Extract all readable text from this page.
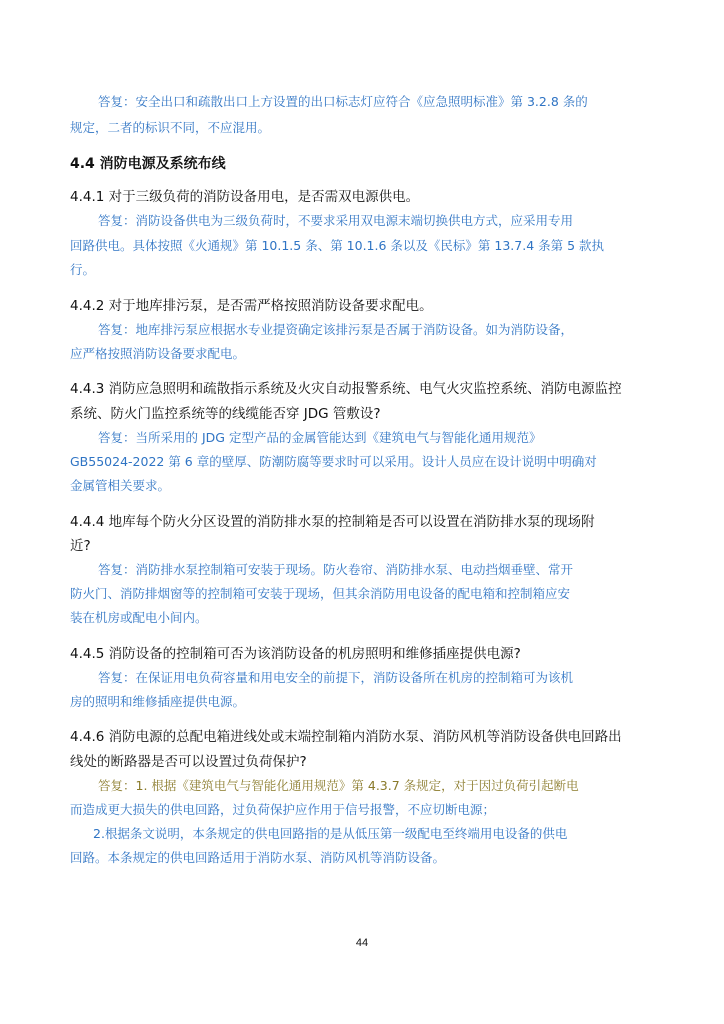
答复：安全出口和疏散出口上方设置的出口标志灯应符合《应急照明标准》第 3.2.8 条的

规定，二者的标识不同，不应混用。

4.4 消防电源及系统布线

4.4.1 对于三级负荷的消防设备用电，是否需双电源供电。

答复：消防设备供电为三级负荷时，不要求采用双电源末端切换供电方式，应采用专用

回路供电。具体按照《火通规》第 10.1.5 条、第 10.1.6 条以及《民标》第 13.7.4 条第 5 款执

行。

4.4.2 对于地库排污泵，是否需严格按照消防设备要求配电。

答复：地库排污泵应根据水专业提资确定该排污泵是否属于消防设备。如为消防设备，

应严格按照消防设备要求配电。

4.4.3 消防应急照明和疏散指示系统及火灾自动报警系统、电气火灾监控系统、消防电源监控

系统、防火门监控系统等的线缆能否穿 JDG 管敷设?

答复：当所采用的 JDG 定型产品的金属管能达到《建筑电气与智能化通用规范》

GB55024-2022 第 6 章的壁厚、防潮防腐等要求时可以采用。设计人员应在设计说明中明确对

金属管相关要求。

4.4.4 地库每个防火分区设置的消防排水泵的控制箱是否可以设置在消防排水泵的现场附

近?

答复：消防排水泵控制箱可安装于现场。防火卷帘、消防排水泵、电动挡烟垂壁、常开

防火门、消防排烟窗等的控制箱可安装于现场，但其余消防用电设备的配电箱和控制箱应安

装在机房或配电小间内。

4.4.5 消防设备的控制箱可否为该消防设备的机房照明和维修插座提供电源?

答复：在保证用电负荷容量和用电安全的前提下，消防设备所在机房的控制箱可为该机

房的照明和维修插座提供电源。

4.4.6 消防电源的总配电箱进线处或末端控制箱内消防水泵、消防风机等消防设备供电回路出

线处的断路器是否可以设置过负荷保护?

答复：1. 根据《建筑电气与智能化通用规范》第 4.3.7 条规定，对于因过负荷引起断电

而造成更大损失的供电回路，过负荷保护应作用于信号报警，不应切断电源；

2.根据条文说明，本条规定的供电回路指的是从低压第一级配电至终端用电设备的供电

回路。本条规定的供电回路适用于消防水泵、消防风机等消防设备。

44
